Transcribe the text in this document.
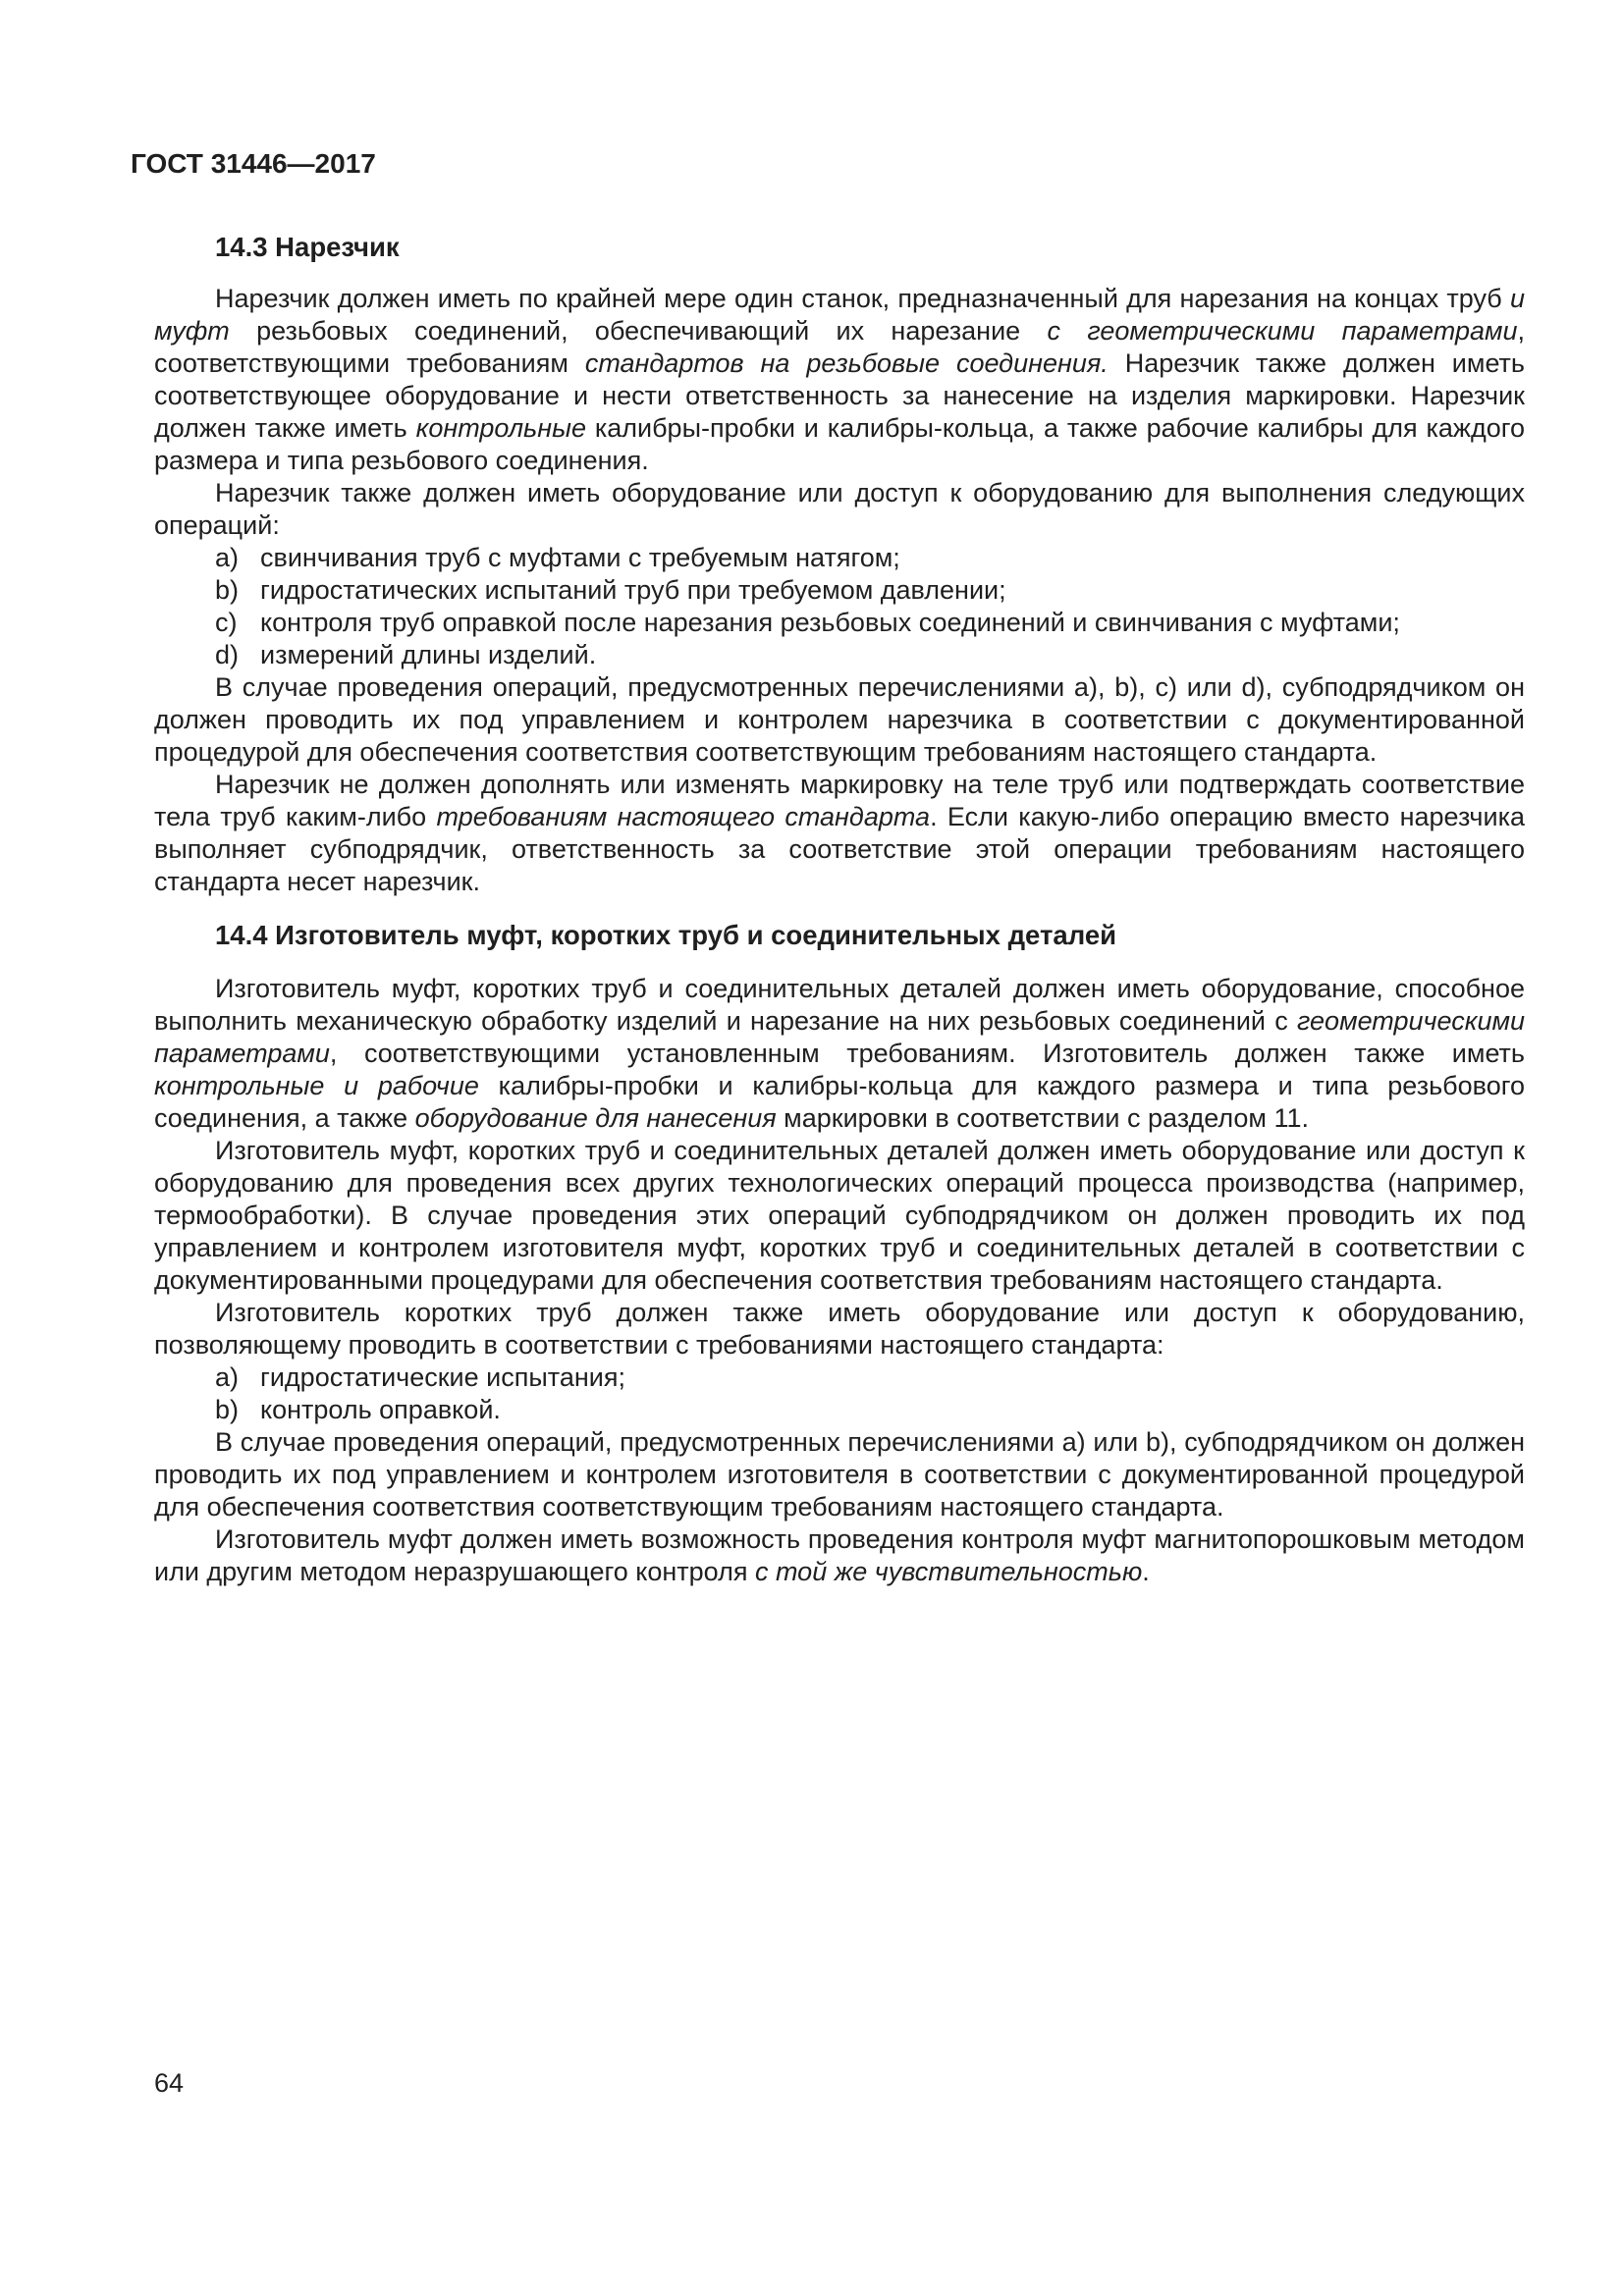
ГОСТ 31446—2017
14.3 Нарезчик

Нарезчик должен иметь по крайней мере один станок, предназначенный для нарезания на концах труб и муфт резьбовых соединений, обеспечивающий их нарезание с геометрическими параметрами, соответствующими требованиям стандартов на резьбовые соединения. Нарезчик также должен иметь соответствующее оборудование и нести ответственность за нанесение на изделия маркировки. Нарезчик должен также иметь контрольные калибры-пробки и калибры-кольца, а также рабочие калибры для каждого размера и типа резьбового соединения.

Нарезчик также должен иметь оборудование или доступ к оборудованию для выполнения следующих операций:

a) свинчивания труб с муфтами с требуемым натягом;
b) гидростатических испытаний труб при требуемом давлении;
c) контроля труб оправкой после нарезания резьбовых соединений и свинчивания с муфтами;
d) измерений длины изделий.

В случае проведения операций, предусмотренных перечислениями a), b), c) или d), субподрядчиком он должен проводить их под управлением и контролем нарезчика в соответствии с документированной процедурой для обеспечения соответствия соответствующим требованиям настоящего стандарта.

Нарезчик не должен дополнять или изменять маркировку на теле труб или подтверждать соответствие тела труб каким-либо требованиям настоящего стандарта. Если какую-либо операцию вместо нарезчика выполняет субподрядчик, ответственность за соответствие этой операции требованиям настоящего стандарта несет нарезчик.

14.4 Изготовитель муфт, коротких труб и соединительных деталей

Изготовитель муфт, коротких труб и соединительных деталей должен иметь оборудование, способное выполнить механическую обработку изделий и нарезание на них резьбовых соединений с геометрическими параметрами, соответствующими установленным требованиям. Изготовитель должен также иметь контрольные и рабочие калибры-пробки и калибры-кольца для каждого размера и типа резьбового соединения, а также оборудование для нанесения маркировки в соответствии с разделом 11.

Изготовитель муфт, коротких труб и соединительных деталей должен иметь оборудование или доступ к оборудованию для проведения всех других технологических операций процесса производства (например, термообработки). В случае проведения этих операций субподрядчиком он должен проводить их под управлением и контролем изготовителя муфт, коротких труб и соединительных деталей в соответствии с документированными процедурами для обеспечения соответствия требованиям настоящего стандарта.

Изготовитель коротких труб должен также иметь оборудование или доступ к оборудованию, позволяющему проводить в соответствии с требованиями настоящего стандарта:

a) гидростатические испытания;
b) контроль оправкой.

В случае проведения операций, предусмотренных перечислениями a) или b), субподрядчиком он должен проводить их под управлением и контролем изготовителя в соответствии с документированной процедурой для обеспечения соответствия соответствующим требованиям настоящего стандарта.

Изготовитель муфт должен иметь возможность проведения контроля муфт магнитопорошковым методом или другим методом неразрушающего контроля с той же чувствительностью.

64
